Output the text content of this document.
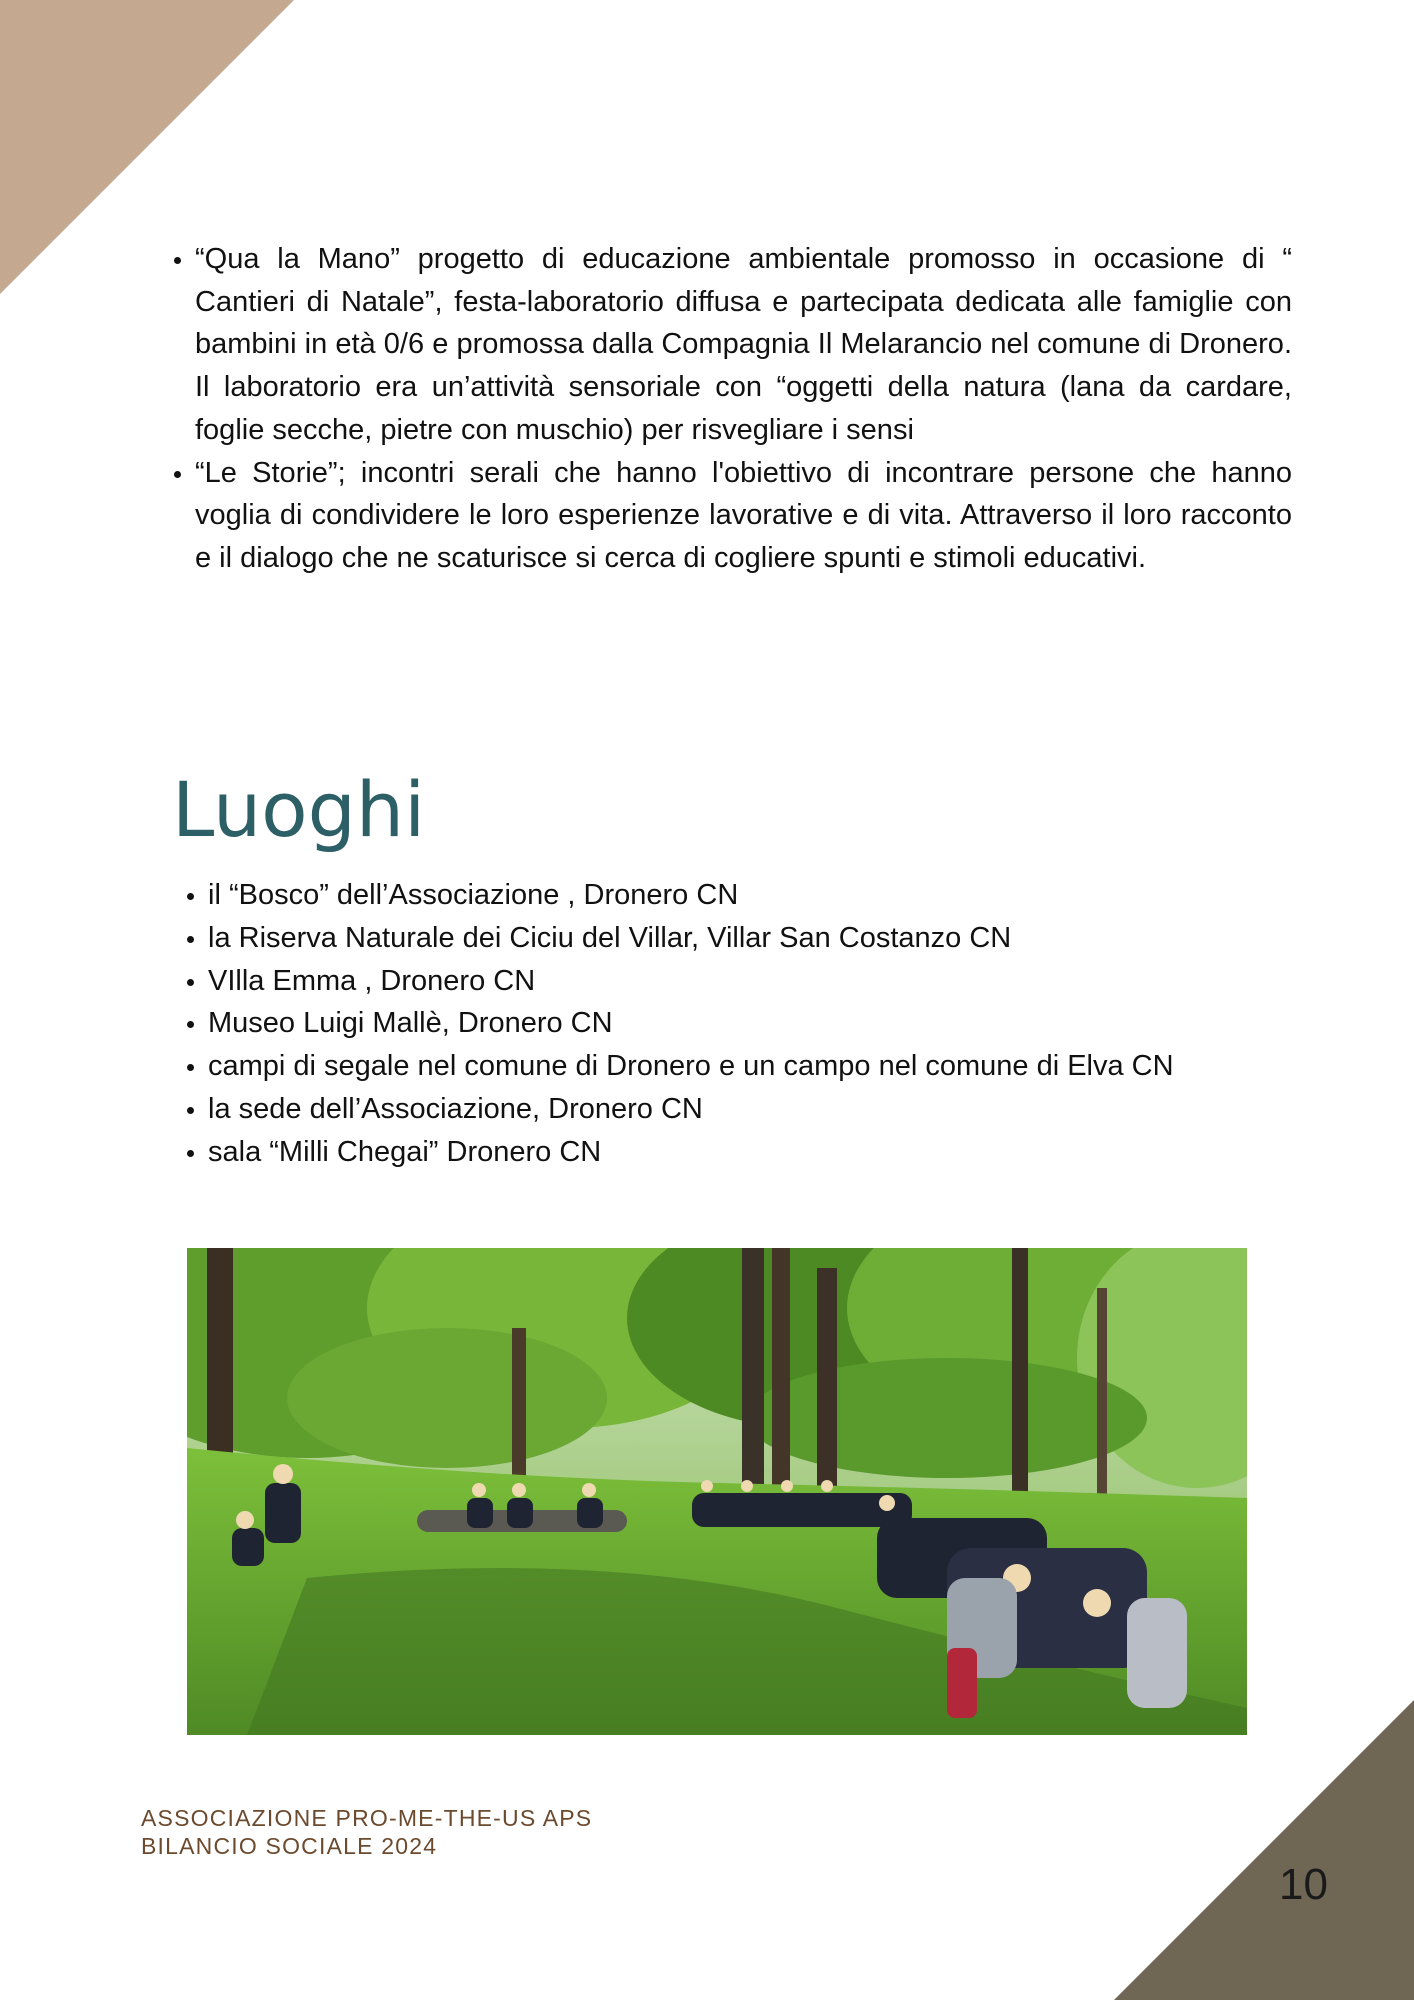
• “Qua la Mano” progetto di educazione ambientale promosso in occasione di “ Cantieri di Natale”, festa-laboratorio diffusa e partecipata dedicata alle famiglie con bambini in età 0/6 e promossa dalla Compagnia Il Melarancio nel comune di Dronero. Il laboratorio era un’attività sensoriale con “oggetti della natura (lana da cardare, foglie secche, pietre con muschio) per risvegliare i sensi
• “Le Storie”; incontri serali che hanno l'obiettivo di incontrare persone che hanno voglia di condividere le loro esperienze lavorative e di vita. Attraverso il loro racconto e il dialogo che ne scaturisce si cerca di cogliere spunti e stimoli educativi.
Luoghi
• il “Bosco” dell’Associazione , Dronero CN
• la Riserva Naturale dei Ciciu del Villar, Villar San Costanzo CN
• VIlla Emma , Dronero CN
• Museo Luigi Mallè, Dronero CN
• campi di segale nel comune di Dronero e un campo nel comune di Elva CN
• la sede dell’Associazione, Dronero CN
• sala “Milli Chegai” Dronero CN
ASSOCIAZIONE PRO-ME-THE-US APS
BILANCIO SOCIALE 2024
10
